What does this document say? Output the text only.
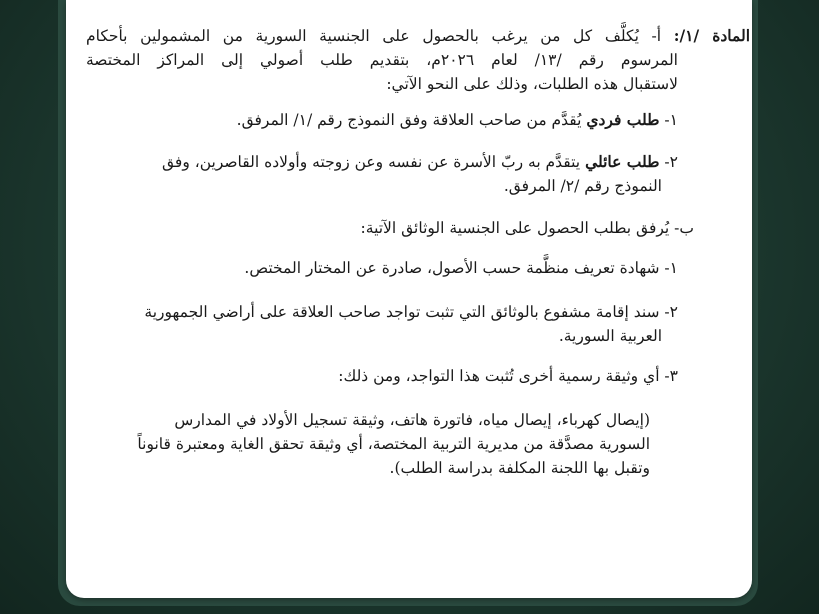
المادة /١/: أ- يُكلَّف كل من يرغب بالحصول على الجنسية السورية من المشمولين بأحكام
المرسوم رقم /١٣/ لعام ٢٠٢٦م، بتقديم طلب أصولي إلى المراكز المختصة
لاستقبال هذه الطلبات، وذلك على النحو الآتي:
١- طلب فردي يُقدَّم من صاحب العلاقة وفق النموذج رقم /١/ المرفق.
٢- طلب عائلي يتقدَّم به ربّ الأسرة عن نفسه وعن زوجته وأولاده القاصرين، وفق
النموذج رقم /٢/ المرفق.
ب- يُرفق بطلب الحصول على الجنسية الوثائق الآتية:
١- شهادة تعريف منظَّمة حسب الأصول، صادرة عن المختار المختص.
٢- سند إقامة مشفوع بالوثائق التي تثبت تواجد صاحب العلاقة على أراضي الجمهورية
العربية السورية.
٣- أي وثيقة رسمية أخرى تُثبت هذا التواجد، ومن ذلك:
(إيصال كهرباء، إيصال مياه، فاتورة هاتف، وثيقة تسجيل الأولاد في المدارس
السورية مصدَّقة من مديرية التربية المختصة، أي وثيقة تحقق الغاية ومعتبرة قانوناً
وتقبل بها اللجنة المكلفة بدراسة الطلب).
